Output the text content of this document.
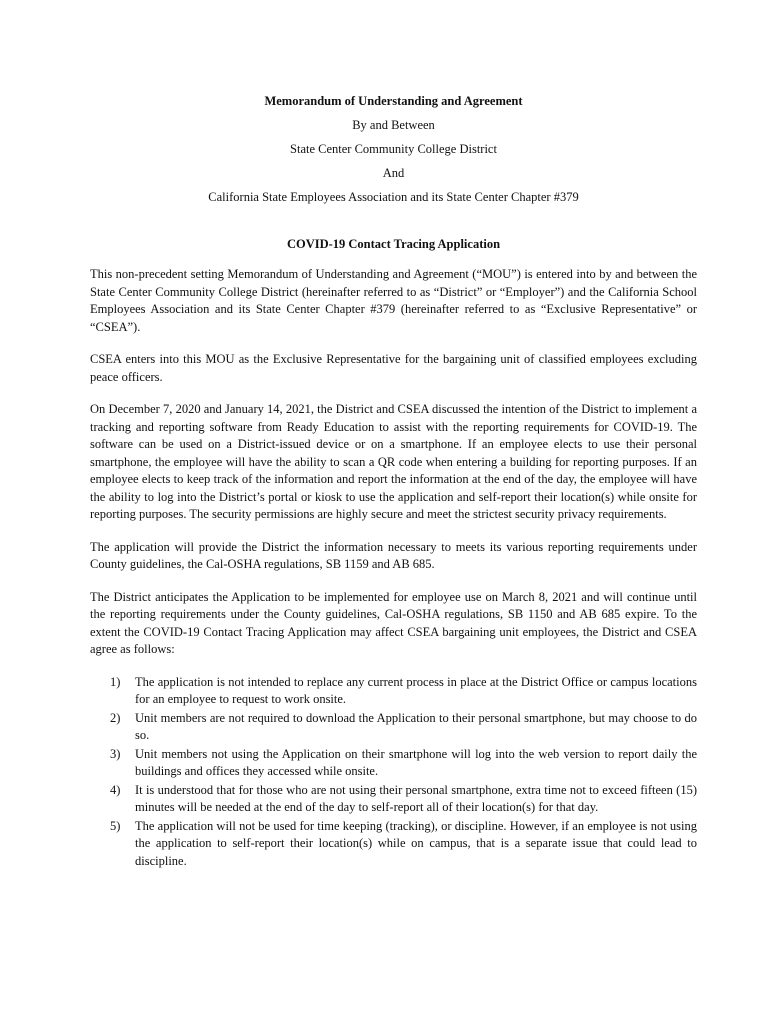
Memorandum of Understanding and Agreement
By and Between
State Center Community College District
And
California State Employees Association and its State Center Chapter #379
COVID-19 Contact Tracing Application

This non-precedent setting Memorandum of Understanding and Agreement (“MOU”) is entered into by and between the State Center Community College District (hereinafter referred to as “District” or “Employer”) and the California School Employees Association and its State Center Chapter #379 (hereinafter referred to as “Exclusive Representative” or “CSEA”).

CSEA enters into this MOU as the Exclusive Representative for the bargaining unit of classified employees excluding peace officers.

On December 7, 2020 and January 14, 2021, the District and CSEA discussed the intention of the District to implement a tracking and reporting software from Ready Education to assist with the reporting requirements for COVID-19. The software can be used on a District-issued device or on a smartphone. If an employee elects to use their personal smartphone, the employee will have the ability to scan a QR code when entering a building for reporting purposes. If an employee elects to keep track of the information and report the information at the end of the day, the employee will have the ability to log into the District’s portal or kiosk to use the application and self-report their location(s) while onsite for reporting purposes. The security permissions are highly secure and meet the strictest security privacy requirements.

The application will provide the District the information necessary to meets its various reporting requirements under County guidelines, the Cal-OSHA regulations, SB 1159 and AB 685.

The District anticipates the Application to be implemented for employee use on March 8, 2021 and will continue until the reporting requirements under the County guidelines, Cal-OSHA regulations, SB 1150 and AB 685 expire. To the extent the COVID-19 Contact Tracing Application may affect CSEA bargaining unit employees, the District and CSEA agree as follows:

1) The application is not intended to replace any current process in place at the District Office or campus locations for an employee to request to work onsite.
2) Unit members are not required to download the Application to their personal smartphone, but may choose to do so.
3) Unit members not using the Application on their smartphone will log into the web version to report daily the buildings and offices they accessed while onsite.
4) It is understood that for those who are not using their personal smartphone, extra time not to exceed fifteen (15) minutes will be needed at the end of the day to self-report all of their location(s) for that day.
5) The application will not be used for time keeping (tracking), or discipline. However, if an employee is not using the application to self-report their location(s) while on campus, that is a separate issue that could lead to discipline.
